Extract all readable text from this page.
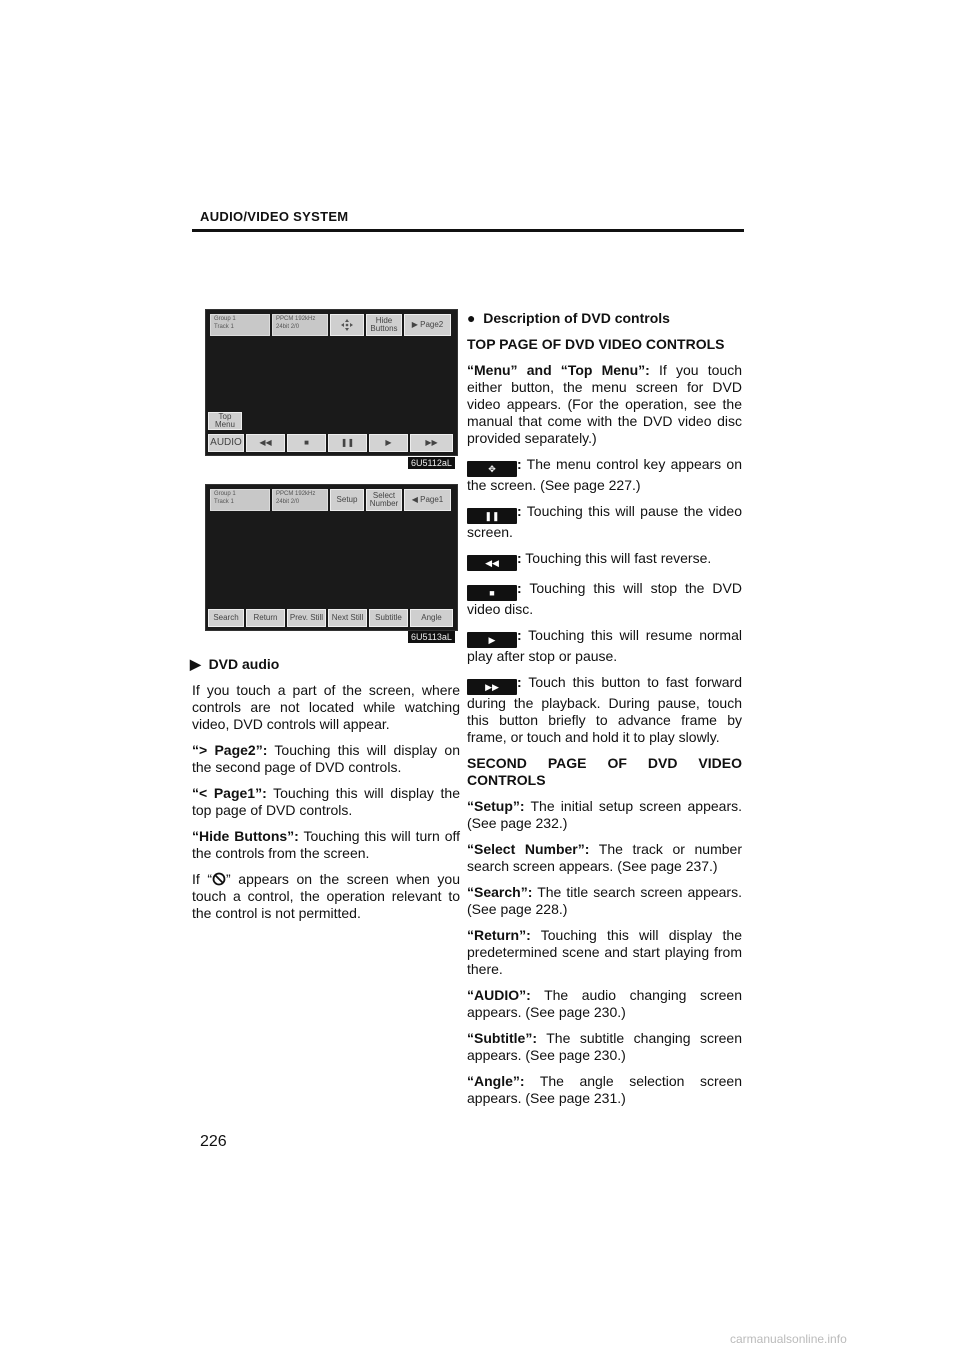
AUDIO/VIDEO SYSTEM
Group 1
Track 1
PPCM 192kHz
24bit 2/0
Hide Buttons	▶ Page2
Top Menu
AUDIO ◀◀	■	❚❚	▶	▶▶
6U5112aL
Group 1
Track 1
PPCM 192kHz
24bit 2/0	Setup	Select Number	◀ Page1
Search	Return	Prev. Still	Next Still	Subtitle	Angle
6U5113aL

▶ DVD audio

If you touch a part of the screen, where controls are not located while watching video, DVD controls will appear.

“> Page2”: Touching this will display on the second page of DVD controls.

“< Page1”: Touching this will display the top page of DVD controls.

“Hide Buttons”: Touching this will turn off the controls from the screen.

If “ ” appears on the screen when you touch a control, the operation relevant to the control is not permitted.

● Description of DVD controls

TOP PAGE OF DVD VIDEO CONTROLS

“Menu” and “Top Menu”: If you touch either button, the menu screen for DVD video appears. (For the operation, see the manual that come with the DVD video disc provided separately.)

✥ : The menu control key appears on the screen. (See page 227.)

❚❚ : Touching this will pause the video screen.

◀◀ : Touching this will fast reverse.

■ : Touching this will stop the DVD video disc.

▶ : Touching this will resume normal play after stop or pause.

▶▶ : Touch this button to fast forward during the playback. During pause, touch this button briefly to advance frame by frame, or touch and hold it to play slowly.

SECOND PAGE OF DVD VIDEO CONTROLS

“Setup”: The initial setup screen appears. (See page 232.)

“Select Number”: The track or number search screen appears. (See page 237.)

“Search”: The title search screen appears. (See page 228.)

“Return”: Touching this will display the predetermined scene and start playing from there.

“AUDIO”: The audio changing screen appears. (See page 230.)

“Subtitle”: The subtitle changing screen appears. (See page 230.)

“Angle”: The angle selection screen appears. (See page 231.)

226
carmanualsonline.info
